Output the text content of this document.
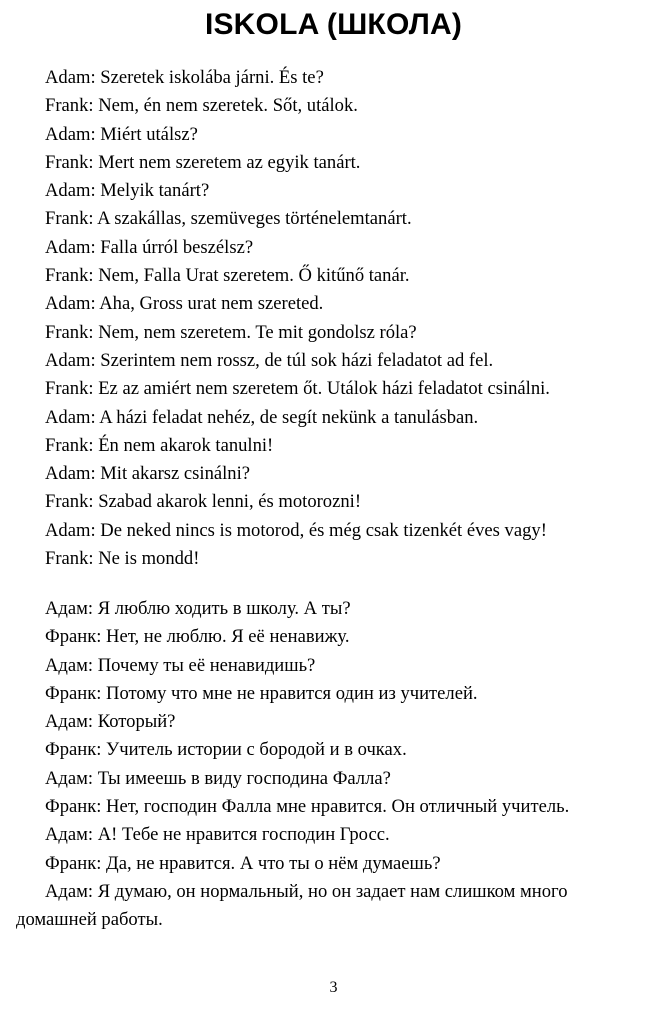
ISKOLA (ШКОЛА)
Adam: Szeretek iskolába járni. És te?
Frank: Nem, én nem szeretek. Sőt, utálok.
Adam: Miért utálsz?
Frank: Mert nem szeretem az egyik tanárt.
Adam: Melyik tanárt?
Frank: A szakállas, szemüveges történelemtanárt.
Adam: Falla úrról beszélsz?
Frank: Nem, Falla Urat szeretem. Ő kitűnő tanár.
Adam: Aha, Gross urat nem szereted.
Frank: Nem, nem szeretem. Te mit gondolsz róla?
Adam: Szerintem nem rossz, de túl sok házi feladatot ad fel.
Frank: Ez az amiért nem szeretem őt. Utálok házi feladatot csinálni.
Adam: A házi feladat nehéz, de segít nekünk a tanulásban.
Frank: Én nem akarok tanulni!
Adam: Mit akarsz csinálni?
Frank: Szabad akarok lenni, és motorozni!
Adam: De neked nincs is motorod, és még csak tizenkét éves vagy!
Frank: Ne is mondd!
Адам: Я люблю ходить в школу. А ты?
Франк: Нет, не люблю. Я её ненавижу.
Адам: Почему ты её ненавидишь?
Франк: Потому что мне не нравится один из учителей.
Адам: Который?
Франк: Учитель истории с бородой и в очках.
Адам: Ты имеешь в виду господина Фалла?
Франк: Нет, господин Фалла мне нравится. Он отличный учитель.
Адам: А! Тебе не нравится господин Гросс.
Франк: Да, не нравится. А что ты о нём думаешь?
Адам: Я думаю, он нормальный, но он задает нам слишком много домашней работы.
3
